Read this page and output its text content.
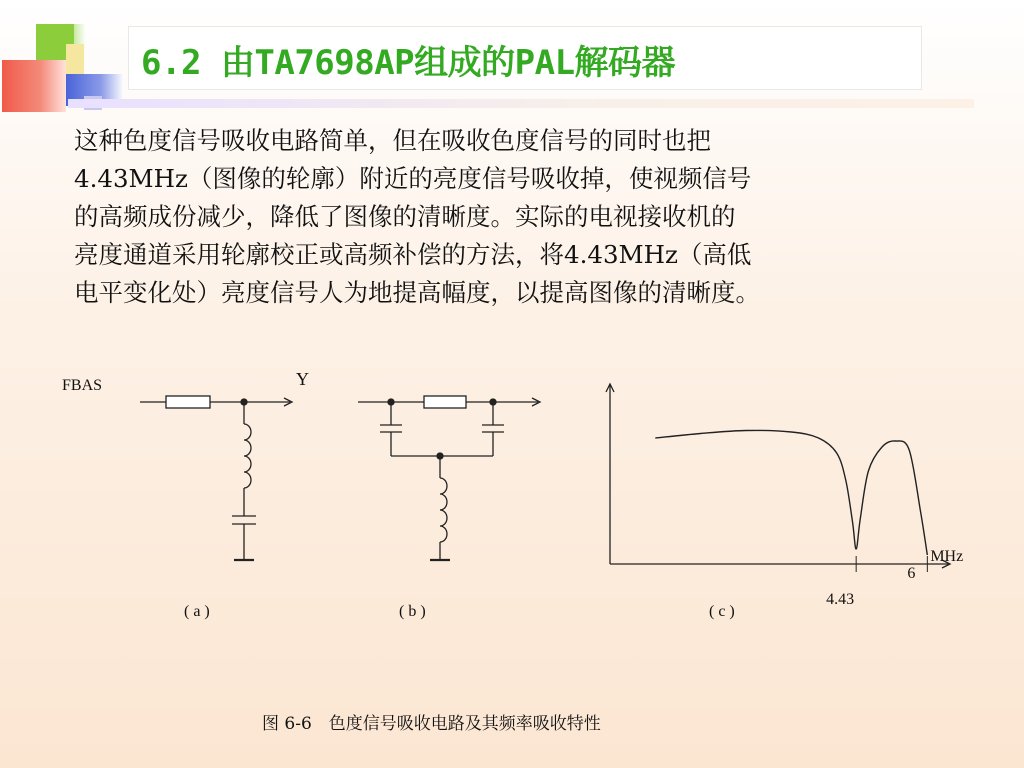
6.2 由TA7698AP组成的PAL解码器
这种色度信号吸收电路简单，但在吸收色度信号的同时也把
4.43MHz（图像的轮廓）附近的亮度信号吸收掉，使视频信号
的高频成份减少，降低了图像的清晰度。实际的电视接收机的
亮度通道采用轮廓校正或高频补偿的方法，将4.43MHz（高低
电平变化处）亮度信号人为地提高幅度，以提高图像的清晰度。
FBAS	Y
( a )	( b )
4.43
6
MHz
( c )
图 6-6　色度信号吸收电路及其频率吸收特性
